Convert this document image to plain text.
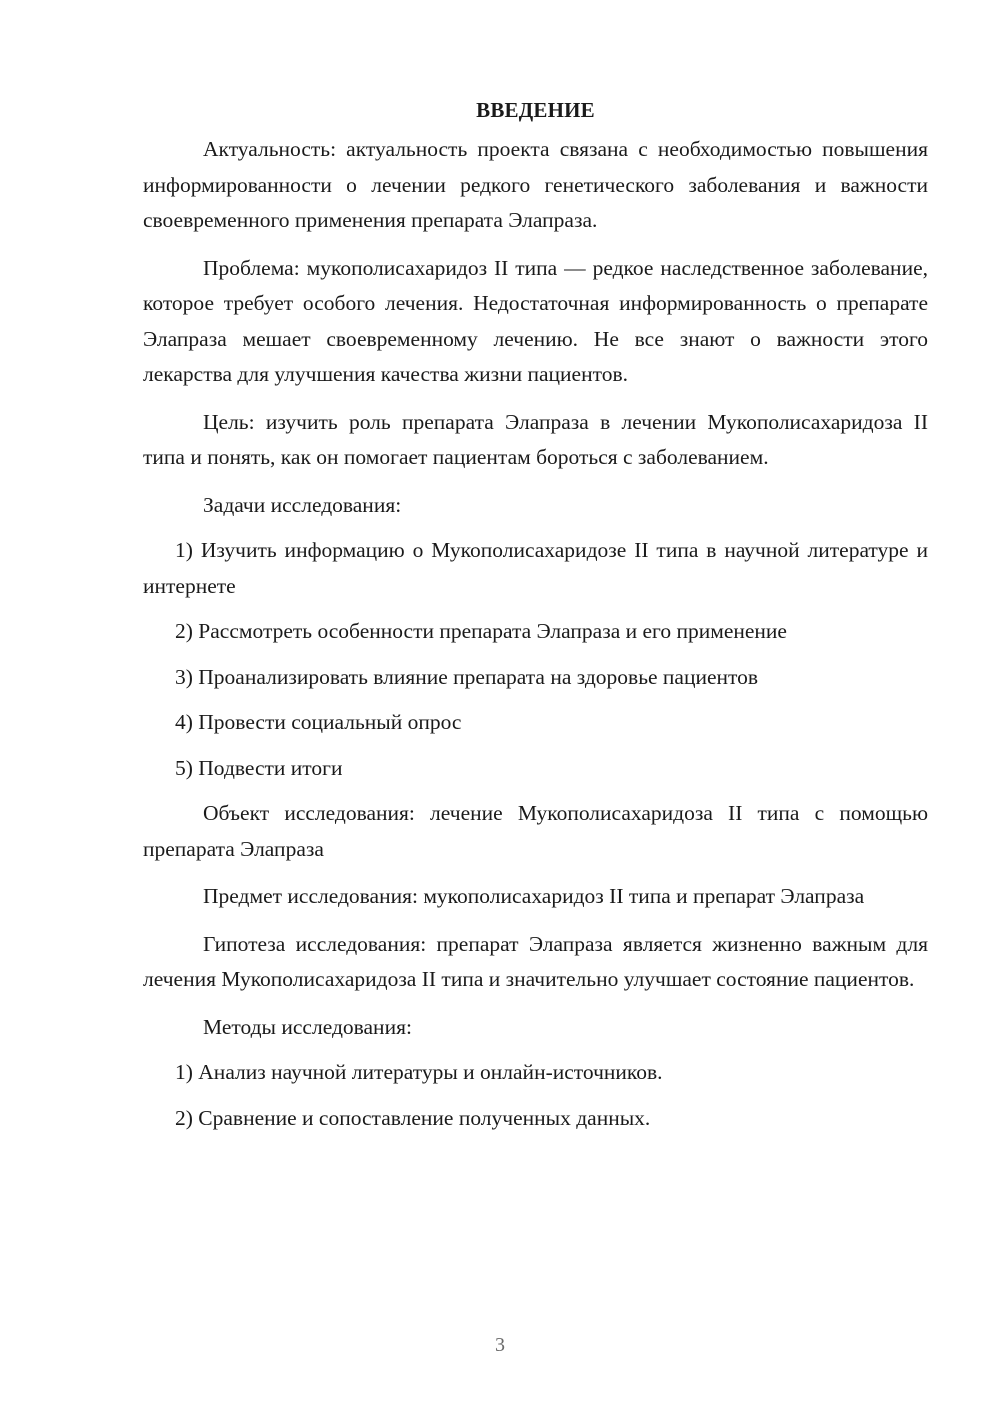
ВВЕДЕНИЕ

Актуальность: актуальность проекта связана с необходимостью повышения информированности о лечении редкого генетического заболевания и важности своевременного применения препарата Элапраза.

Проблема: мукополисахаридоз II типа — редкое наследственное заболевание, которое требует особого лечения. Недостаточная информированность о препарате Элапраза мешает своевременному лечению. Не все знают о важности этого лекарства для улучшения качества жизни пациентов.

Цель: изучить роль препарата Элапраза в лечении Мукополисахаридоза II типа и понять, как он помогает пациентам бороться с заболеванием.

Задачи исследования:

1) Изучить информацию о Мукополисахаридозе II типа в научной литературе и интернете

2) Рассмотреть особенности препарата Элапраза и его применение

3) Проанализировать влияние препарата на здоровье пациентов

4) Провести социальный опрос

5) Подвести итоги

Объект исследования: лечение Мукополисахаридоза II типа с помощью препарата Элапраза

Предмет исследования: мукополисахаридоз II типа и препарат Элапраза

Гипотеза исследования: препарат Элапраза является жизненно важным для лечения Мукополисахаридоза II типа и значительно улучшает состояние пациентов.

Методы исследования:

1) Анализ научной литературы и онлайн-источников.

2) Сравнение и сопоставление полученных данных.

3
